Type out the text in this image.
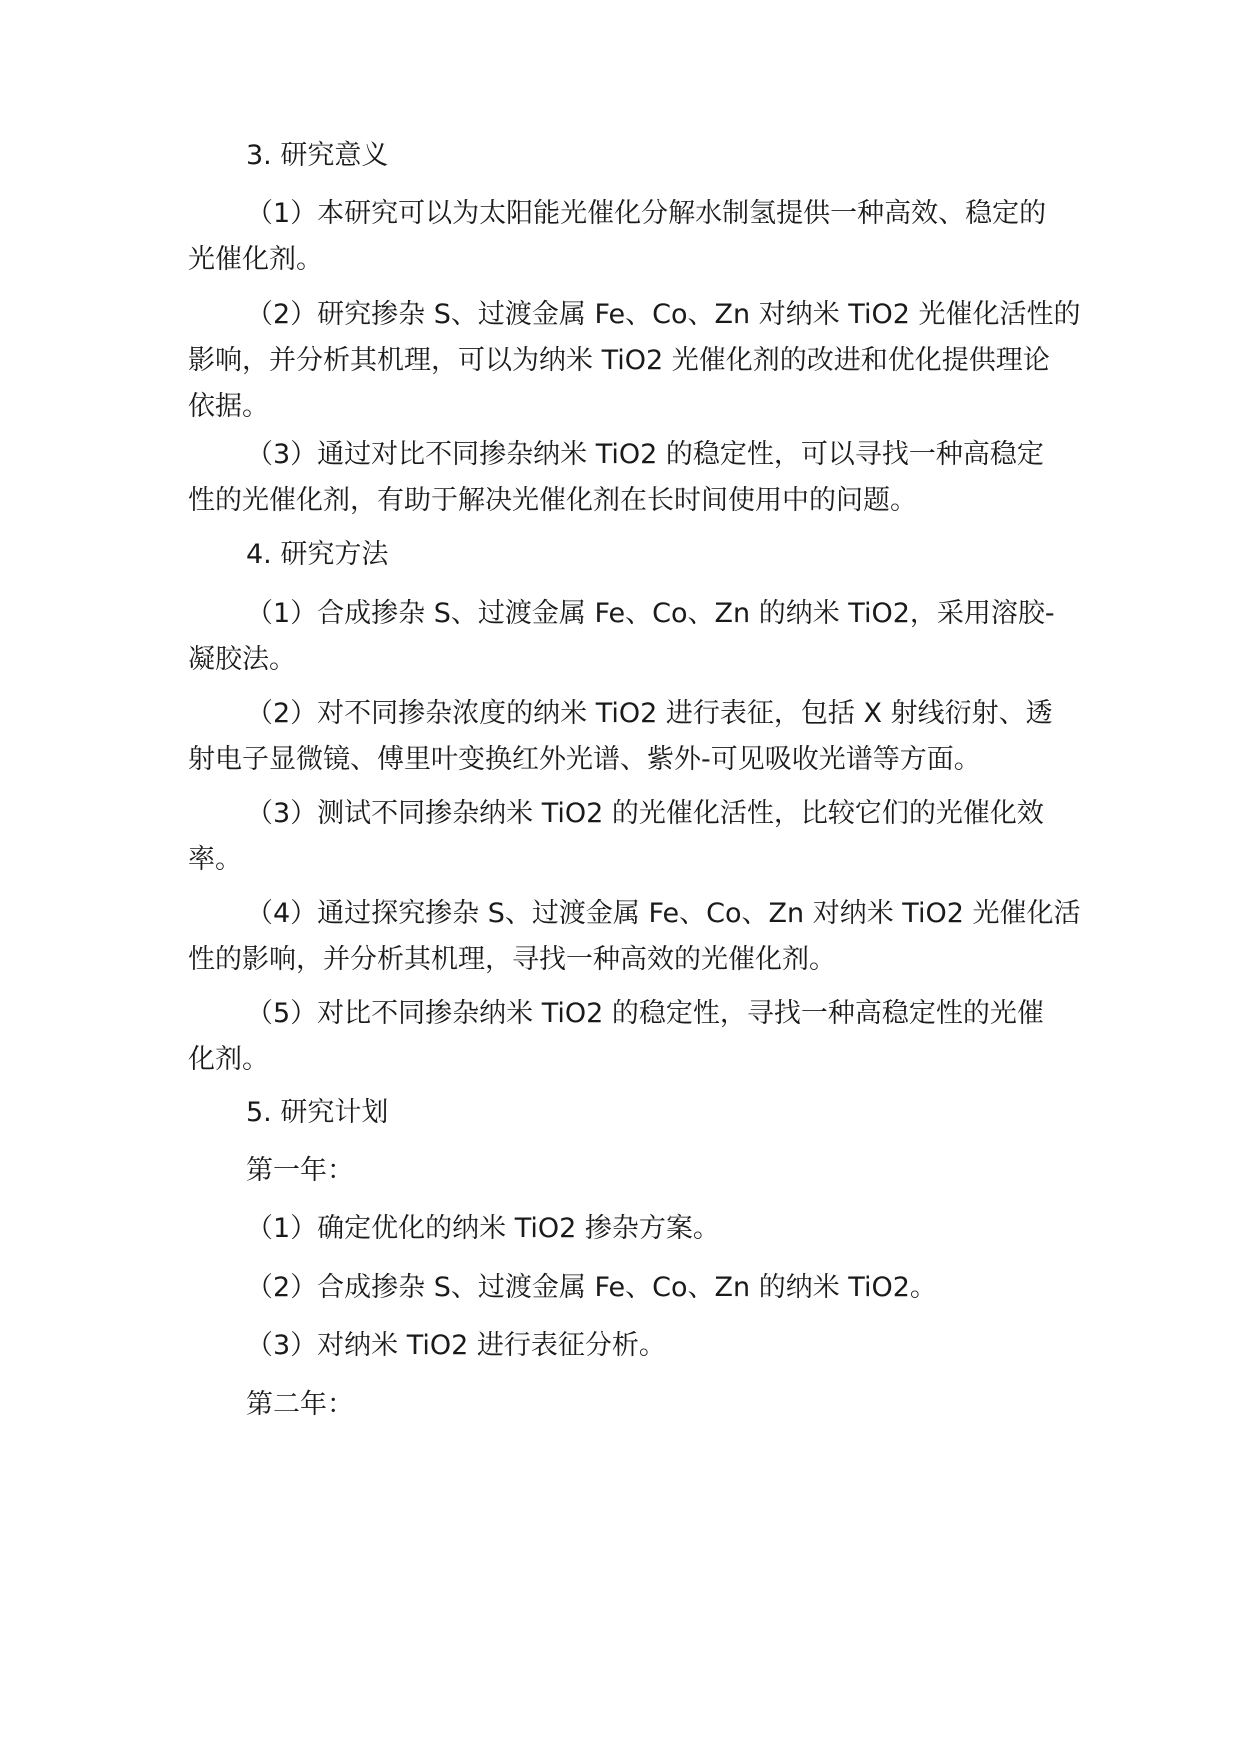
3. 研究意义
（1）本研究可以为太阳能光催化分解水制氢提供一种高效、稳定的
光催化剂。
（2）研究掺杂 S、过渡金属 Fe、Co、Zn 对纳米 TiO2 光催化活性的
影响，并分析其机理，可以为纳米 TiO2 光催化剂的改进和优化提供理论
依据。
（3）通过对比不同掺杂纳米 TiO2 的稳定性，可以寻找一种高稳定
性的光催化剂，有助于解决光催化剂在长时间使用中的问题。
4. 研究方法
（1）合成掺杂 S、过渡金属 Fe、Co、Zn 的纳米 TiO2，采用溶胶-
凝胶法。
（2）对不同掺杂浓度的纳米 TiO2 进行表征，包括 X 射线衍射、透
射电子显微镜、傅里叶变换红外光谱、紫外-可见吸收光谱等方面。
（3）测试不同掺杂纳米 TiO2 的光催化活性，比较它们的光催化效
率。
（4）通过探究掺杂 S、过渡金属 Fe、Co、Zn 对纳米 TiO2 光催化活
性的影响，并分析其机理，寻找一种高效的光催化剂。
（5）对比不同掺杂纳米 TiO2 的稳定性，寻找一种高稳定性的光催
化剂。
5. 研究计划
第一年：
（1）确定优化的纳米 TiO2 掺杂方案。
（2）合成掺杂 S、过渡金属 Fe、Co、Zn 的纳米 TiO2。
（3）对纳米 TiO2 进行表征分析。
第二年：
